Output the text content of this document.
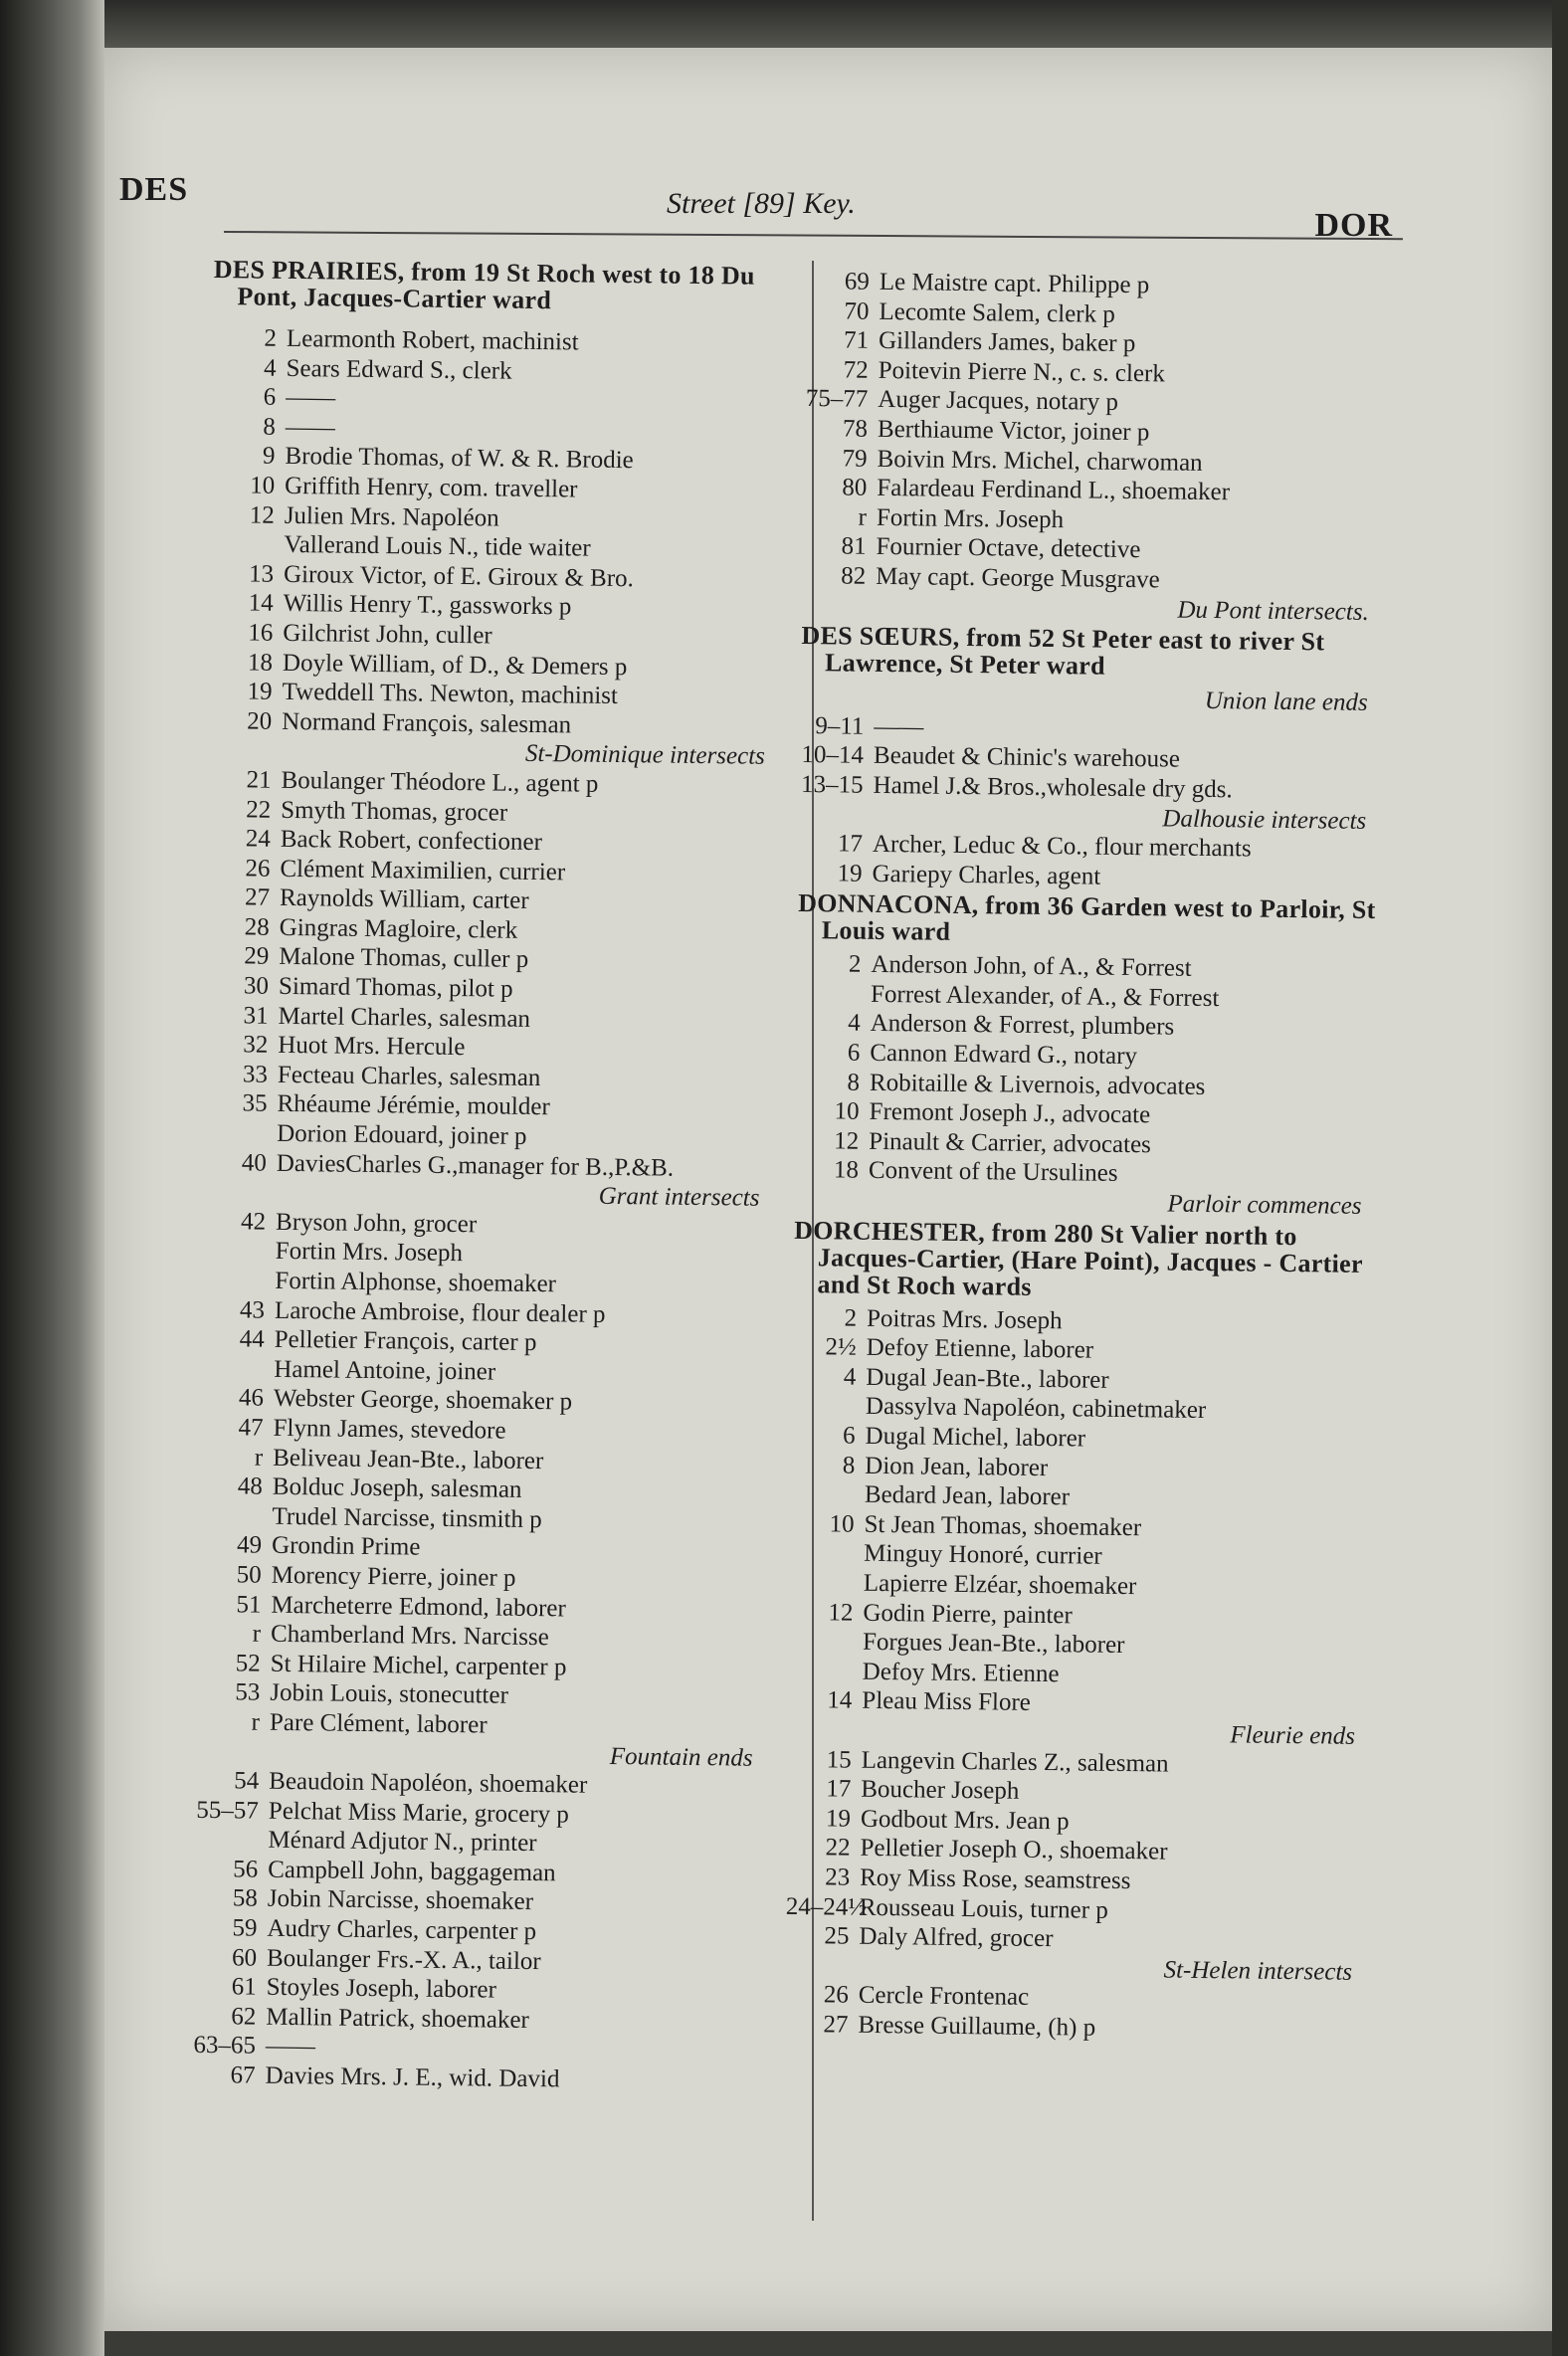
DES	Street [89] Key.
DOR
DES PRAIRIES, from 19 St Roch west to 18 Du Pont, Jacques-Cartier ward
2 Learmonth Robert, machinist
4 Sears Edward S., clerk
6 ——
8 ——
9 Brodie Thomas, of W. & R. Brodie
10 Griffith Henry, com. traveller
12 Julien Mrs. Napoléon
Vallerand Louis N., tide waiter
13 Giroux Victor, of E. Giroux & Bro.
14 Willis Henry T., gassworks p
16 Gilchrist John, culler
18 Doyle William, of D., & Demers p
19 Tweddell Ths. Newton, machinist
20 Normand François, salesman
St-Dominique intersects
21 Boulanger Théodore L., agent p
22 Smyth Thomas, grocer
24 Back Robert, confectioner
26 Clément Maximilien, currier
27 Raynolds William, carter
28 Gingras Magloire, clerk
29 Malone Thomas, culler p
30 Simard Thomas, pilot p
31 Martel Charles, salesman
32 Huot Mrs. Hercule
33 Fecteau Charles, salesman
35 Rhéaume Jérémie, moulder
Dorion Edouard, joiner p
40 DaviesCharles G.,manager for B.,P.&B.
Grant intersects
42 Bryson John, grocer
Fortin Mrs. Joseph
Fortin Alphonse, shoemaker
43 Laroche Ambroise, flour dealer p
44 Pelletier François, carter p
Hamel Antoine, joiner
46 Webster George, shoemaker p
47 Flynn James, stevedore
r Beliveau Jean-Bte., laborer
48 Bolduc Joseph, salesman
Trudel Narcisse, tinsmith p
49 Grondin Prime
50 Morency Pierre, joiner p
51 Marcheterre Edmond, laborer
r Chamberland Mrs. Narcisse
52 St Hilaire Michel, carpenter p
53 Jobin Louis, stonecutter
r Pare Clément, laborer
Fountain ends
54 Beaudoin Napoléon, shoemaker
55–57 Pelchat Miss Marie, grocery p
Ménard Adjutor N., printer
56 Campbell John, baggageman
58 Jobin Narcisse, shoemaker
59 Audry Charles, carpenter p
60 Boulanger Frs.-X. A., tailor
61 Stoyles Joseph, laborer
62 Mallin Patrick, shoemaker
63–65 ——
67 Davies Mrs. J. E., wid. David
69 Le Maistre capt. Philippe p
70 Lecomte Salem, clerk p
71 Gillanders James, baker p
72 Poitevin Pierre N., c. s. clerk
75–77 Auger Jacques, notary p
78 Berthiaume Victor, joiner p
79 Boivin Mrs. Michel, charwoman
80 Falardeau Ferdinand L., shoemaker
r Fortin Mrs. Joseph
81 Fournier Octave, detective
82 May capt. George Musgrave
Du Pont intersects.
DES SŒURS, from 52 St Peter east to river St Lawrence, St Peter ward
Union lane ends
9–11 ——
10–14 Beaudet & Chinic's warehouse
13–15 Hamel J.& Bros.,wholesale dry gds.
Dalhousie intersects
17 Archer, Leduc & Co., flour merchants
19 Gariepy Charles, agent
DONNACONA, from 36 Garden west to Parloir, St Louis ward
2 Anderson John, of A., & Forrest
Forrest Alexander, of A., & Forrest
4 Anderson & Forrest, plumbers
6 Cannon Edward G., notary
8 Robitaille & Livernois, advocates
10 Fremont Joseph J., advocate
12 Pinault & Carrier, advocates
18 Convent of the Ursulines
Parloir commences
DORCHESTER, from 280 St Valier north to Jacques-Cartier, (Hare Point), Jacques - Cartier and St Roch wards
2 Poitras Mrs. Joseph
2½ Defoy Etienne, laborer
4 Dugal Jean-Bte., laborer
Dassylva Napoléon, cabinetmaker
6 Dugal Michel, laborer
8 Dion Jean, laborer
Bedard Jean, laborer
10 St Jean Thomas, shoemaker
Minguy Honoré, currier
Lapierre Elzéar, shoemaker
12 Godin Pierre, painter
Forgues Jean-Bte., laborer
Defoy Mrs. Etienne
14 Pleau Miss Flore
Fleurie ends
15 Langevin Charles Z., salesman
17 Boucher Joseph
19 Godbout Mrs. Jean p
22 Pelletier Joseph O., shoemaker
23 Roy Miss Rose, seamstress
24–24½
Rousseau Louis, turner p
25 Daly Alfred, grocer
St-Helen intersects
26 Cercle Frontenac
27 Bresse Guillaume, (h) p
